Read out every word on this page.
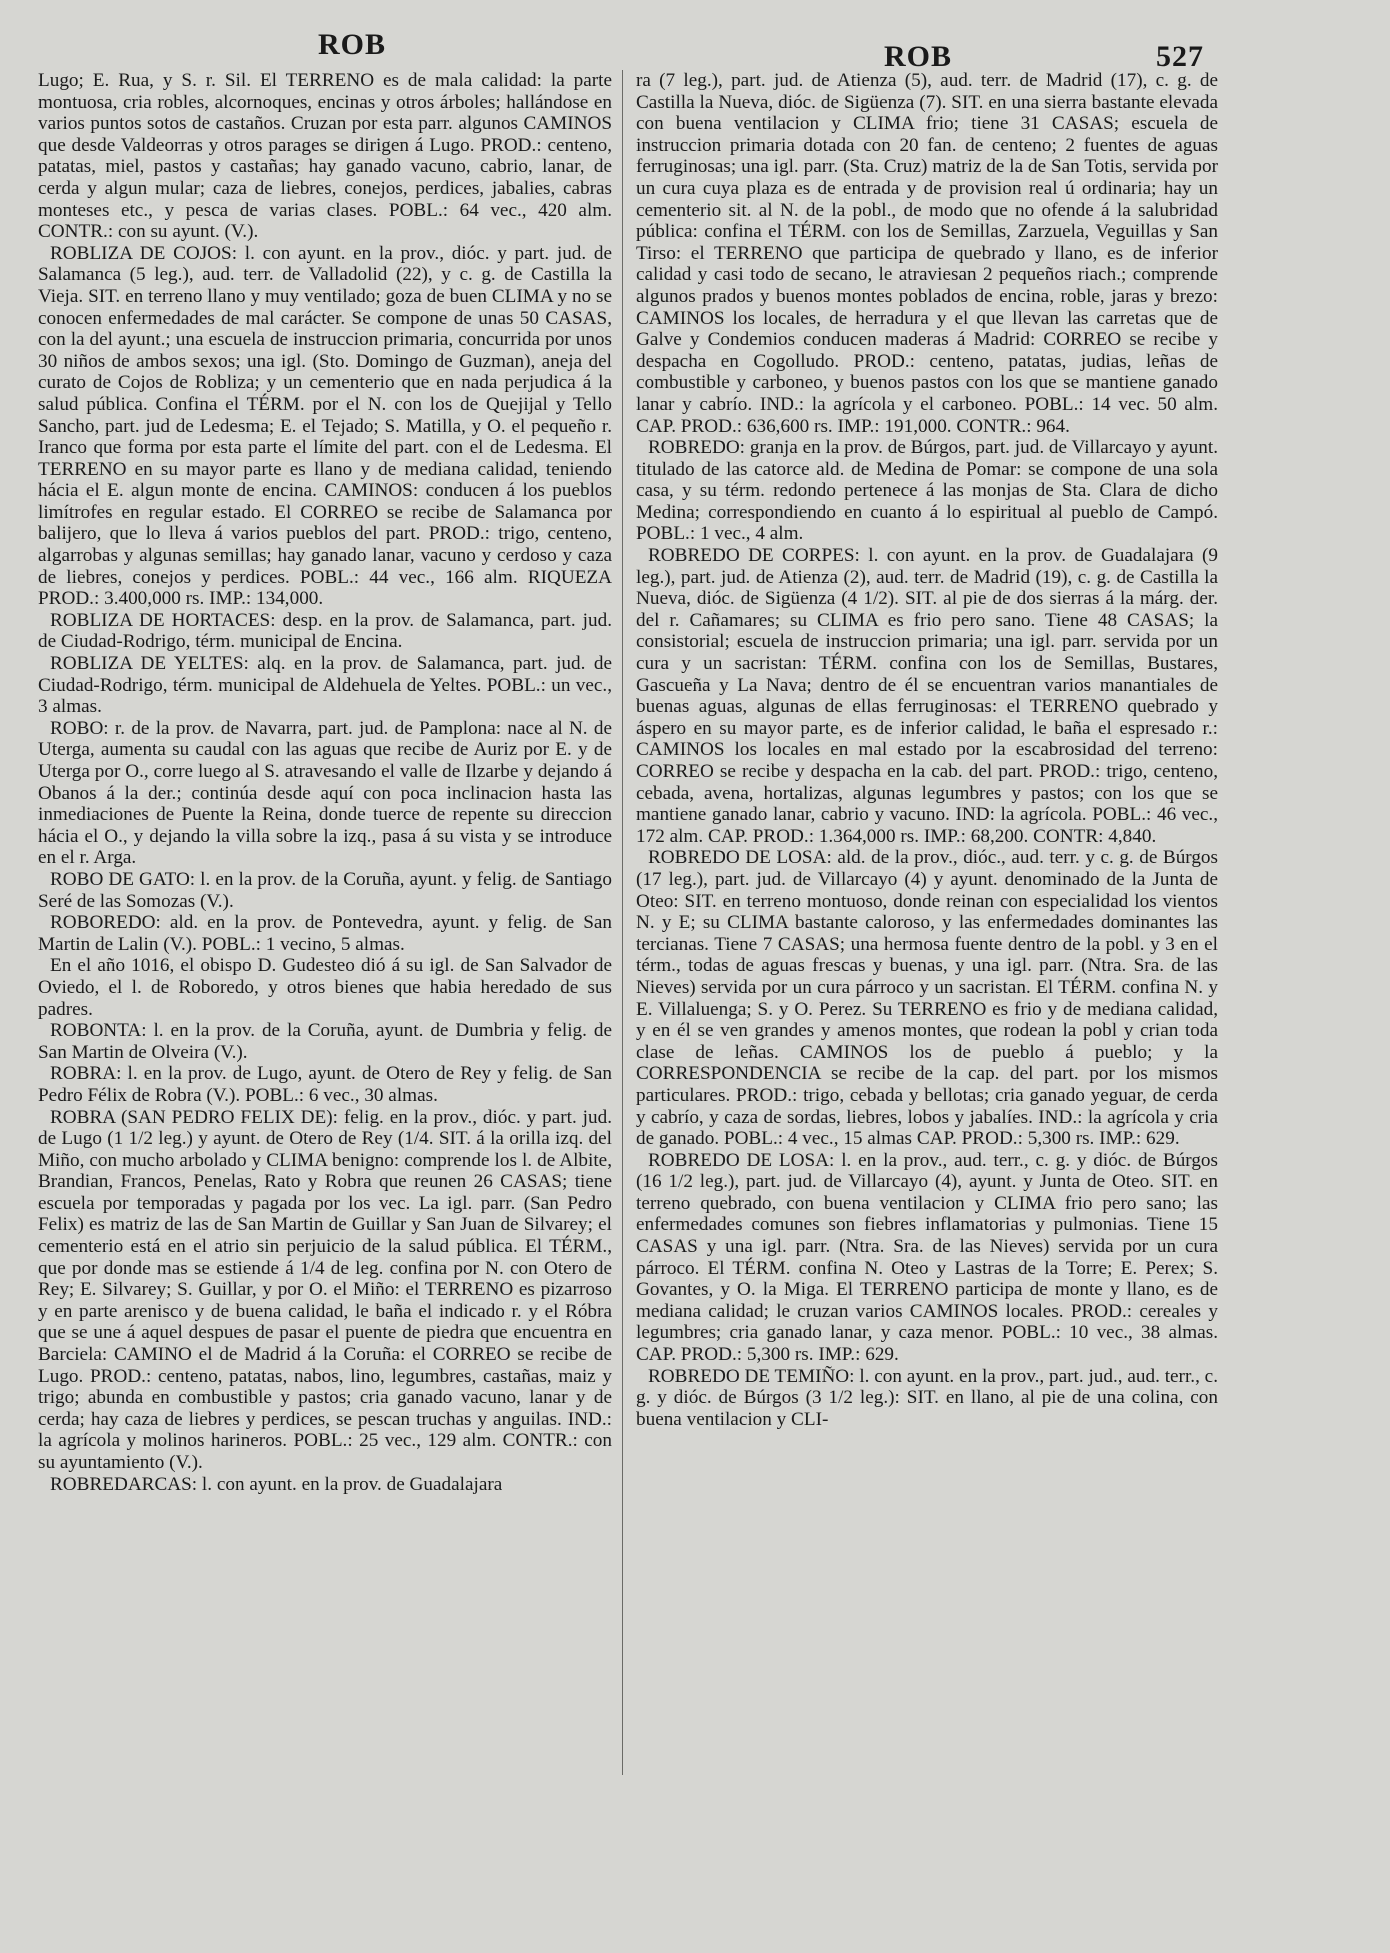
ROB	ROB	527

Lugo; E. Rua, y S. r. Sil. El TERRENO es de mala calidad: la parte montuosa, cria robles, alcornoques, encinas y otros árboles; hallándose en varios puntos sotos de castaños. Cruzan por esta parr. algunos CAMINOS que desde Valdeorras y otros parages se dirigen á Lugo. PROD.: centeno, patatas, miel, pastos y castañas; hay ganado vacuno, cabrio, lanar, de cerda y algun mular; caza de liebres, conejos, perdices, jabalies, cabras monteses etc., y pesca de varias clases. POBL.: 64 vec., 420 alm. CONTR.: con su ayunt. (V.).

ROBLIZA DE COJOS: l. con ayunt. en la prov., dióc. y part. jud. de Salamanca (5 leg.), aud. terr. de Valladolid (22), y c. g. de Castilla la Vieja. SIT. en terreno llano y muy ventilado; goza de buen CLIMA y no se conocen enfermedades de mal carácter. Se compone de unas 50 CASAS, con la del ayunt.; una escuela de instruccion primaria, concurrida por unos 30 niños de ambos sexos; una igl. (Sto. Domingo de Guzman), aneja del curato de Cojos de Robliza; y un cementerio que en nada perjudica á la salud pública. Confina el TÉRM. por el N. con los de Quejijal y Tello Sancho, part. jud de Ledesma; E. el Tejado; S. Matilla, y O. el pequeño r. Iranco que forma por esta parte el límite del part. con el de Ledesma. El TERRENO en su mayor parte es llano y de mediana calidad, teniendo hácia el E. algun monte de encina. CAMINOS: conducen á los pueblos limítrofes en regular estado. El CORREO se recibe de Salamanca por balijero, que lo lleva á varios pueblos del part. PROD.: trigo, centeno, algarrobas y algunas semillas; hay ganado lanar, vacuno y cerdoso y caza de liebres, conejos y perdices. POBL.: 44 vec., 166 alm. RIQUEZA PROD.: 3.400,000 rs. IMP.: 134,000.

ROBLIZA DE HORTACES: desp. en la prov. de Salamanca, part. jud. de Ciudad-Rodrigo, térm. municipal de Encina.

ROBLIZA DE YELTES: alq. en la prov. de Salamanca, part. jud. de Ciudad-Rodrigo, térm. municipal de Aldehuela de Yeltes. POBL.: un vec., 3 almas.

ROBO: r. de la prov. de Navarra, part. jud. de Pamplona: nace al N. de Uterga, aumenta su caudal con las aguas que recibe de Auriz por E. y de Uterga por O., corre luego al S. atravesando el valle de Ilzarbe y dejando á Obanos á la der.; continúa desde aquí con poca inclinacion hasta las inmediaciones de Puente la Reina, donde tuerce de repente su direccion hácia el O., y dejando la villa sobre la izq., pasa á su vista y se introduce en el r. Arga.

ROBO DE GATO: l. en la prov. de la Coruña, ayunt. y felig. de Santiago Seré de las Somozas (V.).

ROBOREDO: ald. en la prov. de Pontevedra, ayunt. y felig. de San Martin de Lalin (V.). POBL.: 1 vecino, 5 almas.

En el año 1016, el obispo D. Gudesteo dió á su igl. de San Salvador de Oviedo, el l. de Roboredo, y otros bienes que habia heredado de sus padres.

ROBONTA: l. en la prov. de la Coruña, ayunt. de Dumbria y felig. de San Martin de Olveira (V.).

ROBRA: l. en la prov. de Lugo, ayunt. de Otero de Rey y felig. de San Pedro Félix de Robra (V.). POBL.: 6 vec., 30 almas.

ROBRA (SAN PEDRO FELIX DE): felig. en la prov., dióc. y part. jud. de Lugo (1 1/2 leg.) y ayunt. de Otero de Rey (1/4. SIT. á la orilla izq. del Miño, con mucho arbolado y CLIMA benigno: comprende los l. de Albite, Brandian, Francos, Penelas, Rato y Robra que reunen 26 CASAS; tiene escuela por temporadas y pagada por los vec. La igl. parr. (San Pedro Felix) es matriz de las de San Martin de Guillar y San Juan de Silvarey; el cementerio está en el atrio sin perjuicio de la salud pública. El TÉRM., que por donde mas se estiende á 1/4 de leg. confina por N. con Otero de Rey; E. Silvarey; S. Guillar, y por O. el Miño: el TERRENO es pizarroso y en parte arenisco y de buena calidad, le baña el indicado r. y el Róbra que se une á aquel despues de pasar el puente de piedra que encuentra en Barciela: CAMINO el de Madrid á la Coruña: el CORREO se recibe de Lugo. PROD.: centeno, patatas, nabos, lino, legumbres, castañas, maiz y trigo; abunda en combustible y pastos; cria ganado vacuno, lanar y de cerda; hay caza de liebres y perdices, se pescan truchas y anguilas. IND.: la agrícola y molinos harineros. POBL.: 25 vec., 129 alm. CONTR.: con su ayuntamiento (V.).

ROBREDARCAS: l. con ayunt. en la prov. de Guadalajara

ra (7 leg.), part. jud. de Atienza (5), aud. terr. de Madrid (17), c. g. de Castilla la Nueva, dióc. de Sigüenza (7). SIT. en una sierra bastante elevada con buena ventilacion y CLIMA frio; tiene 31 CASAS; escuela de instruccion primaria dotada con 20 fan. de centeno; 2 fuentes de aguas ferruginosas; una igl. parr. (Sta. Cruz) matriz de la de San Totis, servida por un cura cuya plaza es de entrada y de provision real ú ordinaria; hay un cementerio sit. al N. de la pobl., de modo que no ofende á la salubridad pública: confina el TÉRM. con los de Semillas, Zarzuela, Veguillas y San Tirso: el TERRENO que participa de quebrado y llano, es de inferior calidad y casi todo de secano, le atraviesan 2 pequeños riach.; comprende algunos prados y buenos montes poblados de encina, roble, jaras y brezo: CAMINOS los locales, de herradura y el que llevan las carretas que de Galve y Condemios conducen maderas á Madrid: CORREO se recibe y despacha en Cogolludo. PROD.: centeno, patatas, judias, leñas de combustible y carboneo, y buenos pastos con los que se mantiene ganado lanar y cabrío. IND.: la agrícola y el carboneo. POBL.: 14 vec. 50 alm. CAP. PROD.: 636,600 rs. IMP.: 191,000. CONTR.: 964.

ROBREDO: granja en la prov. de Búrgos, part. jud. de Villarcayo y ayunt. titulado de las catorce ald. de Medina de Pomar: se compone de una sola casa, y su térm. redondo pertenece á las monjas de Sta. Clara de dicho Medina; correspondiendo en cuanto á lo espiritual al pueblo de Campó. POBL.: 1 vec., 4 alm.

ROBREDO DE CORPES: l. con ayunt. en la prov. de Guadalajara (9 leg.), part. jud. de Atienza (2), aud. terr. de Madrid (19), c. g. de Castilla la Nueva, dióc. de Sigüenza (4 1/2). SIT. al pie de dos sierras á la márg. der. del r. Cañamares; su CLIMA es frio pero sano. Tiene 48 CASAS; la consistorial; escuela de instruccion primaria; una igl. parr. servida por un cura y un sacristan: TÉRM. confina con los de Semillas, Bustares, Gascueña y La Nava; dentro de él se encuentran varios manantiales de buenas aguas, algunas de ellas ferruginosas: el TERRENO quebrado y áspero en su mayor parte, es de inferior calidad, le baña el espresado r.: CAMINOS los locales en mal estado por la escabrosidad del terreno: CORREO se recibe y despacha en la cab. del part. PROD.: trigo, centeno, cebada, avena, hortalizas, algunas legumbres y pastos; con los que se mantiene ganado lanar, cabrio y vacuno. IND: la agrícola. POBL.: 46 vec., 172 alm. CAP. PROD.: 1.364,000 rs. IMP.: 68,200. CONTR: 4,840.

ROBREDO DE LOSA: ald. de la prov., dióc., aud. terr. y c. g. de Búrgos (17 leg.), part. jud. de Villarcayo (4) y ayunt. denominado de la Junta de Oteo: SIT. en terreno montuoso, donde reinan con especialidad los vientos N. y E; su CLIMA bastante caloroso, y las enfermedades dominantes las tercianas. Tiene 7 CASAS; una hermosa fuente dentro de la pobl. y 3 en el térm., todas de aguas frescas y buenas, y una igl. parr. (Ntra. Sra. de las Nieves) servida por un cura párroco y un sacristan. El TÉRM. confina N. y E. Villaluenga; S. y O. Perez. Su TERRENO es frio y de mediana calidad, y en él se ven grandes y amenos montes, que rodean la pobl y crian toda clase de leñas. CAMINOS los de pueblo á pueblo; y la CORRESPONDENCIA se recibe de la cap. del part. por los mismos particulares. PROD.: trigo, cebada y bellotas; cria ganado yeguar, de cerda y cabrío, y caza de sordas, liebres, lobos y jabalíes. IND.: la agrícola y cria de ganado. POBL.: 4 vec., 15 almas CAP. PROD.: 5,300 rs. IMP.: 629.

ROBREDO DE LOSA: l. en la prov., aud. terr., c. g. y dióc. de Búrgos (16 1/2 leg.), part. jud. de Villarcayo (4), ayunt. y Junta de Oteo. SIT. en terreno quebrado, con buena ventilacion y CLIMA frio pero sano; las enfermedades comunes son fiebres inflamatorias y pulmonias. Tiene 15 CASAS y una igl. parr. (Ntra. Sra. de las Nieves) servida por un cura párroco. El TÉRM. confina N. Oteo y Lastras de la Torre; E. Perex; S. Govantes, y O. la Miga. El TERRENO participa de monte y llano, es de mediana calidad; le cruzan varios CAMINOS locales. PROD.: cereales y legumbres; cria ganado lanar, y caza menor. POBL.: 10 vec., 38 almas. CAP. PROD.: 5,300 rs. IMP.: 629.

ROBREDO DE TEMIÑO: l. con ayunt. en la prov., part. jud., aud. terr., c. g. y dióc. de Búrgos (3 1/2 leg.): SIT. en llano, al pie de una colina, con buena ventilacion y CLI-
